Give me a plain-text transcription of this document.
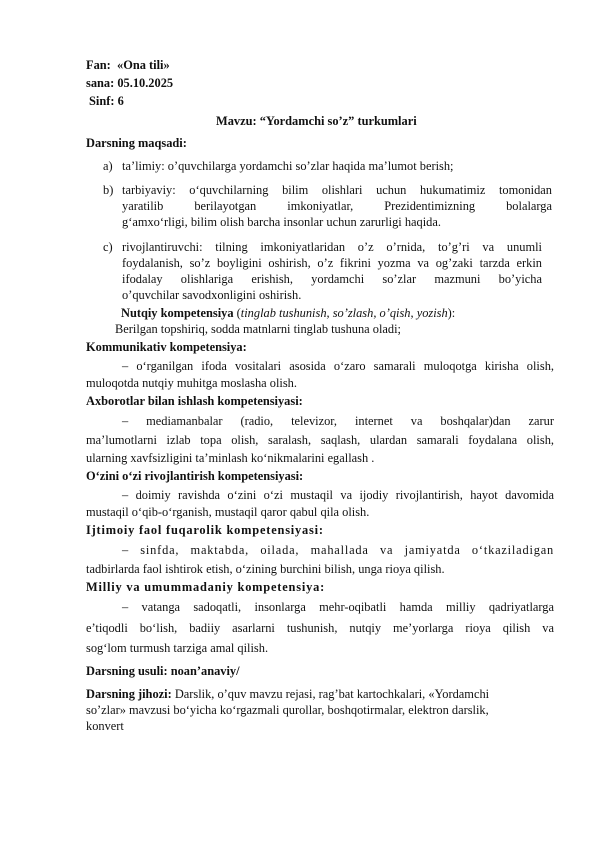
Fan: «Ona tili»
sana: 05.10.2025
Sinf: 6
Mavzu: “Yordamchi so’z” turkumlari
Darsning maqsadi:
a) ta’limiy: o’quvchilarga yordamchi so’zlar haqida ma’lumot berish;
b) tarbiyaviy: o‘quvchilarning bilim olishlari uchun hukumatimiz tomonidan
yaratilib berilayotgan imkoniyatlar, Prezidentimizning bolalarga
g‘amxo‘rligi, bilim olish barcha insonlar uchun zarurligi haqida.
c) rivojlantiruvchi: tilning imkoniyatlaridan o’z o’rnida, to’g’ri va unumli
foydalanish, so’z boyligini oshirish, o’z fikrini yozma va og’zaki tarzda erkin
ifodalay olishlariga erishish, yordamchi so’zlar mazmuni bo’yicha
o’quvchilar savodxonligini oshirish.
Nutqiy kompetensiya (tinglab tushunish, so’zlash, o’qish, yozish):
Berilgan topshiriq, sodda matnlarni tinglab tushuna oladi;
Kommunikativ kompetensiya:
– o‘rganilgan ifoda vositalari asosida o‘zaro samarali muloqotga kirisha olish,
muloqotda nutqiy muhitga moslasha olish.
Axborotlar bilan ishlash kompetensiyasi:
– mediamanbalar (radio, televizor, internet va boshqalar)dan zarur
ma’lumotlarni izlab topa olish, saralash, saqlash, ulardan samarali foydalana olish,
ularning xavfsizligini ta’minlash ko‘nikmalarini egallash .
O‘zini o‘zi rivojlantirish kompetensiyasi:
– doimiy ravishda o‘zini o‘zi mustaqil va ijodiy rivojlantirish, hayot davomida
mustaqil o‘qib-o‘rganish, mustaqil qaror qabul qila olish.
Ijtimoiy faol fuqarolik kompetensiyasi:
– sinfda, maktabda, oilada, mahallada va jamiyatda o‘tkaziladigan
tadbirlarda faol ishtirok etish, o‘zining burchini bilish, unga rioya qilish.
Milliy va umummadaniy kompetensiya:
– vatanga sadoqatli, insonlarga mehr-oqibatli hamda milliy qadriyatlarga
e’tiqodli bo‘lish, badiiy asarlarni tushunish, nutqiy me’yorlarga rioya qilish va
sog‘lom turmush tarziga amal qilish.
Darsning usuli: noan’anaviy/
Darsning jihozi: Darslik, o’quv mavzu rejasi, rag’bat kartochkalari, «Yordamchi
so’zlar» mavzusi bo‘yicha ko‘rgazmali qurollar, boshqotirmalar, elektron darslik,
konvert
